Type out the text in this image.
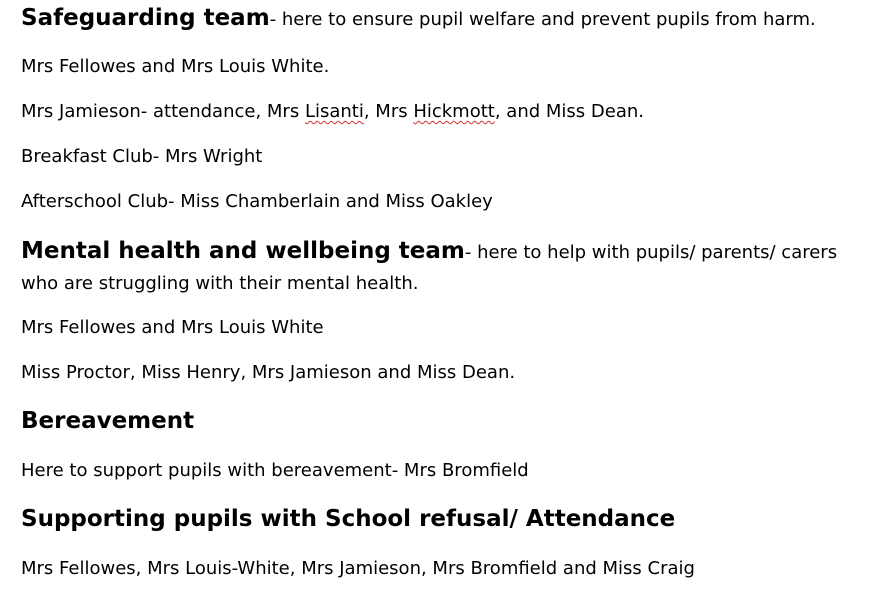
Safeguarding team- here to ensure pupil welfare and prevent pupils from harm.
Mrs Fellowes and Mrs Louis White.
Mrs Jamieson- attendance, Mrs Lisanti, Mrs Hickmott, and Miss Dean.
Breakfast Club- Mrs Wright
Afterschool Club- Miss Chamberlain and Miss Oakley
Mental health and wellbeing team- here to help with pupils/ parents/ carers who are struggling with their mental health.
Mrs Fellowes and Mrs Louis White
Miss Proctor, Miss Henry, Mrs Jamieson and Miss Dean.
Bereavement
Here to support pupils with bereavement- Mrs Bromfield
Supporting pupils with School refusal/ Attendance
Mrs Fellowes, Mrs Louis-White, Mrs Jamieson, Mrs Bromfield and Miss Craig
